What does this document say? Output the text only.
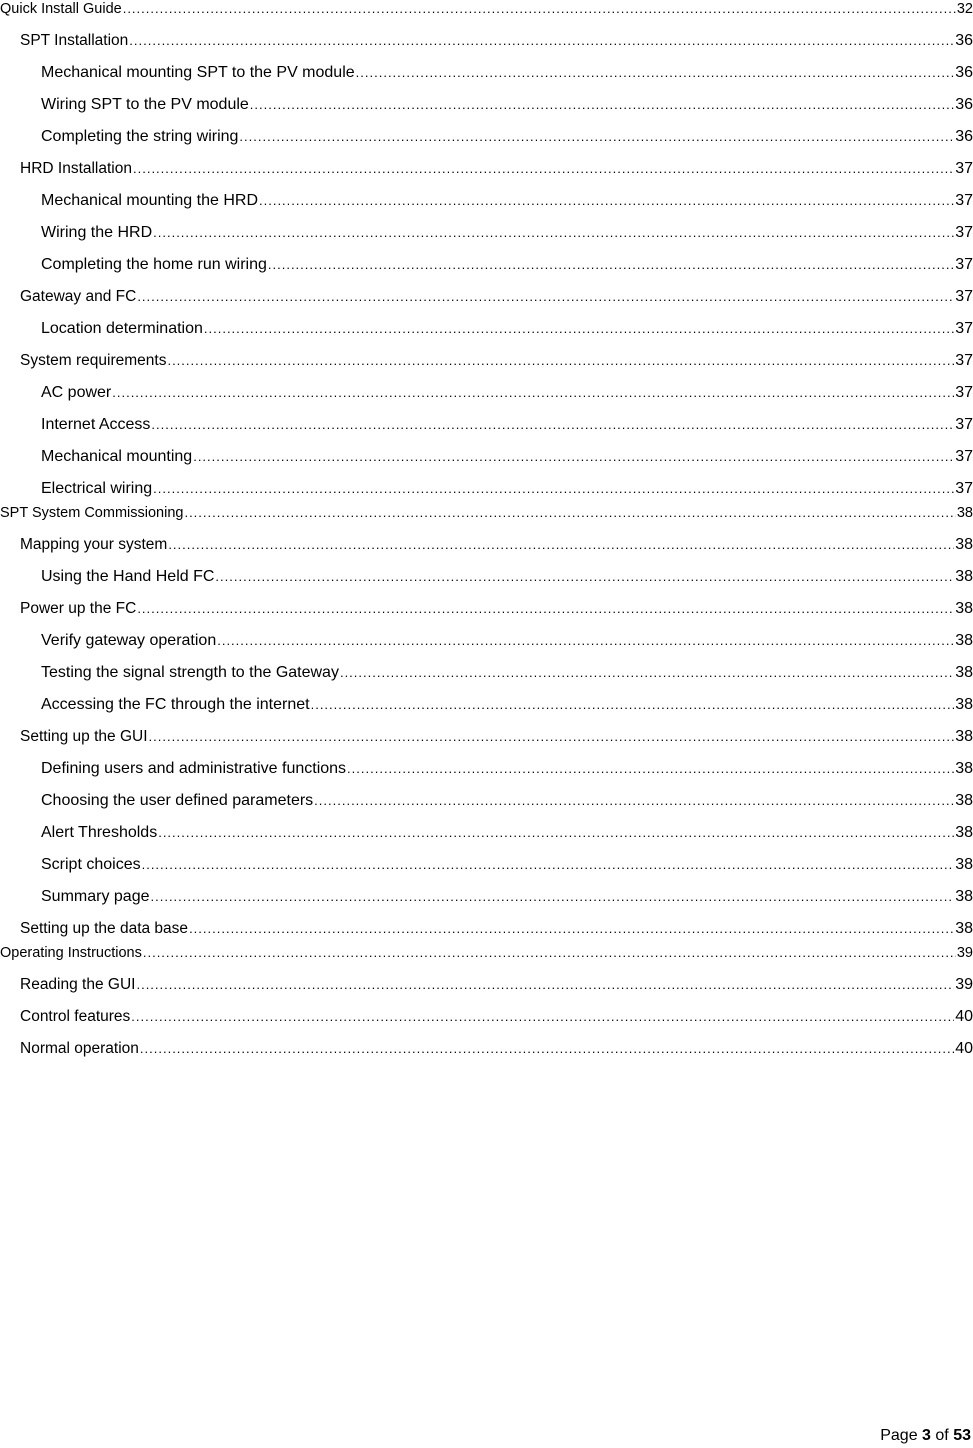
Quick Install Guide .....	32
SPT Installation .....	36
Mechanical mounting SPT to the PV module .....	36
Wiring SPT to the PV module .....	36
Completing the string wiring .....	36
HRD Installation .....	37
Mechanical mounting the HRD .....	37
Wiring the HRD .....	37
Completing the home run wiring .....	37
Gateway and FC .....	37
Location determination .....	37
System requirements .....	37
AC power .....	37
Internet Access .....	37
Mechanical mounting .....	37
Electrical wiring .....	37
SPT System Commissioning .....	38
Mapping your system .....	38
Using the Hand Held FC .....	38
Power up the FC .....	38
Verify gateway operation .....	38
Testing the signal strength to the Gateway .....	38
Accessing the FC through the internet .....	38
Setting up the GUI .....	38
Defining users and administrative functions .....	38
Choosing the user defined parameters .....	38
Alert Thresholds .....	38
Script choices .....	38
Summary page .....	38
Setting up the data base .....	38
Operating Instructions .....	39
Reading the GUI .....	39
Control features .....	40
Normal operation .....	40
Page 3 of 53
